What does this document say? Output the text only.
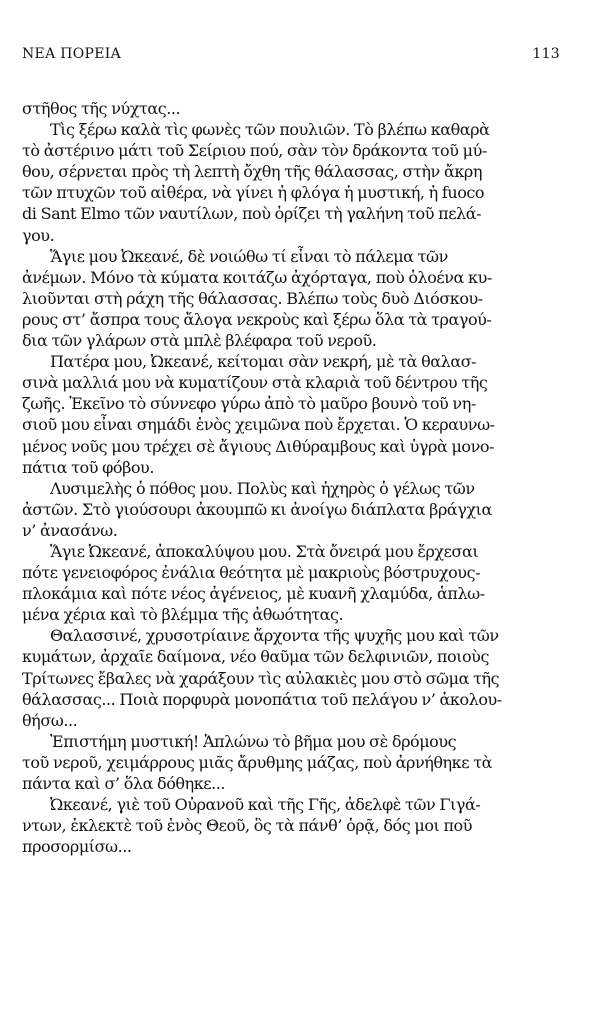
ΝΕΑ ΠΟΡΕΙΑ	113
στῆθος τῆς νύχτας...
Τὶς ξέρω καλὰ τὶς φωνὲς τῶν πουλιῶν. Τὸ βλέπω καθαρὰ
τὸ ἀστέρινο μάτι τοῦ Σείριου πού, σὰν τὸν δράκοντα τοῦ μύ-
θου, σέρνεται πρὸς τὴ λεπτὴ ὄχθη τῆς θάλασσας, στὴν ἄκρη
τῶν πτυχῶν τοῦ αἰθέρα, νὰ γίνει ἡ φλόγα ἡ μυστική, ἡ fuoco
di Sant Elmo τῶν ναυτίλων, ποὺ ὁρίζει τὴ γαλήνη τοῦ πελά-
γου.
Ἅγιε μου Ὠκεανέ, δὲ νοιώθω τί εἶναι τὸ πάλεμα τῶν
ἀνέμων. Μόνο τὰ κύματα κοιτάζω ἀχόρταγα, ποὺ ὁλοένα κυ-
λιοῦνται στὴ ράχη τῆς θάλασσας. Βλέπω τοὺς δυὸ Διόσκου-
ρους στ’ ἄσπρα τους ἄλογα νεκροὺς καὶ ξέρω ὅλα τὰ τραγού-
δια τῶν γλάρων στὰ μπλὲ βλέφαρα τοῦ νεροῦ.
Πατέρα μου, Ὠκεανέ, κείτομαι σὰν νεκρή, μὲ τὰ θαλασ-
σινὰ μαλλιά μου νὰ κυματίζουν στὰ κλαριὰ τοῦ δέντρου τῆς
ζωῆς. Ἐκεῖνο τὸ σύννεφο γύρω ἀπὸ τὸ μαῦρο βουνὸ τοῦ νη-
σιοῦ μου εἶναι σημάδι ἑνὸς χειμῶνα ποὺ ἔρχεται. Ὁ κεραυνω-
μένος νοῦς μου τρέχει σὲ ἄγιους Διθύραμβους καὶ ὑγρὰ μονο-
πάτια τοῦ φόβου.
Λυσιμελὴς ὁ πόθος μου. Πολὺς καὶ ἠχηρὸς ὁ γέλως τῶν
ἀστῶν. Στὸ γιούσουρι ἀκουμπῶ κι ἀνοίγω διάπλατα βράγχια
ν’ ἀνασάνω.
Ἅγιε Ὠκεανέ, ἀποκαλύψου μου. Στὰ ὄνειρά μου ἔρχεσαι
πότε γενειοφόρος ἐνάλια θεότητα μὲ μακριοὺς βόστρυχους-
πλοκάμια καὶ πότε νέος ἀγένειος, μὲ κυανῆ χλαμύδα, ἁπλω-
μένα χέρια καὶ τὸ βλέμμα τῆς ἀθωότητας.
Θαλασσινέ, χρυσοτρίαινε ἄρχοντα τῆς ψυχῆς μου καὶ τῶν
κυμάτων, ἀρχαῖε δαίμονα, νέο θαῦμα τῶν δελφινιῶν, ποιοὺς
Τρίτωνες ἔβαλες νὰ χαράξουν τὶς αὐλακιὲς μου στὸ σῶμα τῆς
θάλασσας... Ποιὰ πορφυρὰ μονοπάτια τοῦ πελάγου ν’ ἀκολου-
θήσω...
Ἐπιστήμη μυστική! Ἁπλώνω τὸ βῆμα μου σὲ δρόμους
τοῦ νεροῦ, χειμάρρους μιᾶς ἄρυθμης μάζας, ποὺ ἀρνήθηκε τὰ
πάντα καὶ σ’ ὅλα δόθηκε...
Ὠκεανέ, γιὲ τοῦ Οὐρανοῦ καὶ τῆς Γῆς, ἀδελφὲ τῶν Γιγά-
ντων, ἐκλεκτὲ τοῦ ἑνὸς Θεοῦ, ὃς τὰ πάνθ’ ὁρᾷ, δός μοι ποῦ
προσορμίσω...
